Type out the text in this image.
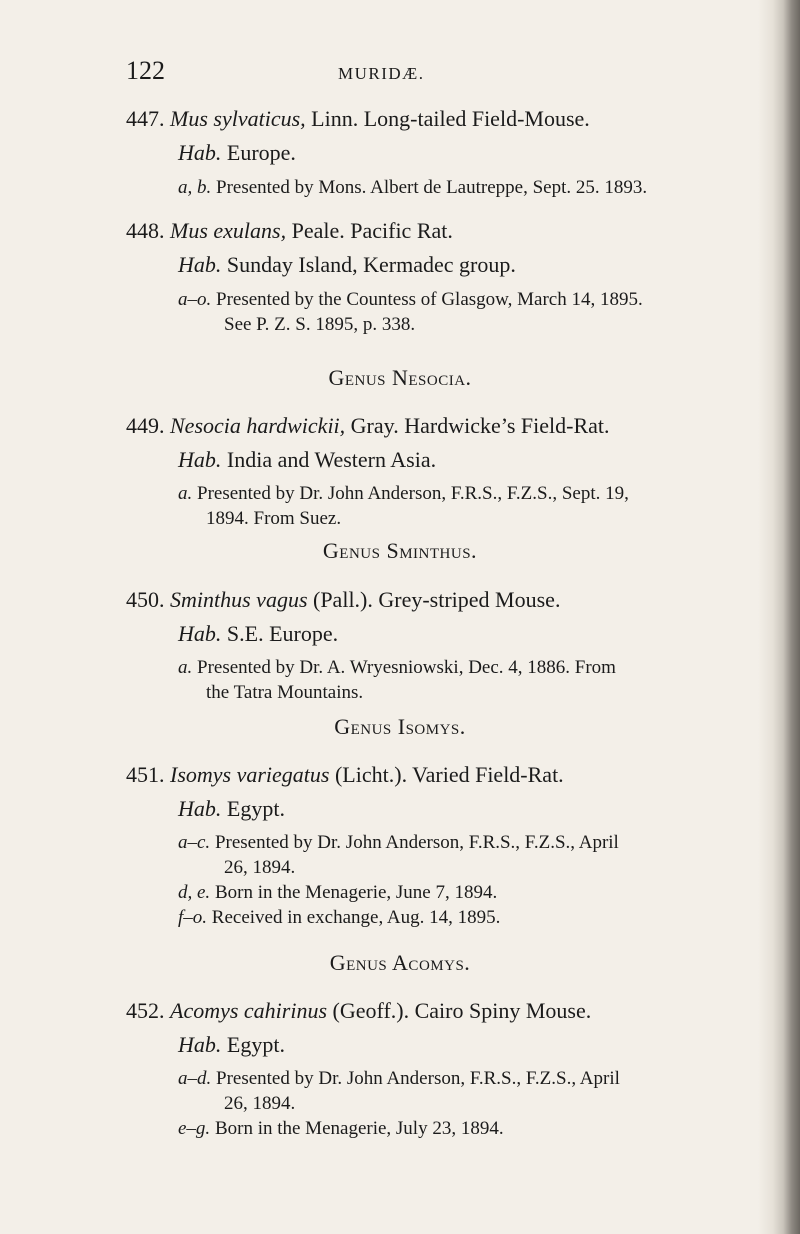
122	MURIDÆ.
447. Mus sylvaticus, Linn. Long-tailed Field-Mouse.
Hab. Europe.
a, b. Presented by Mons. Albert de Lautreppe, Sept. 25. 1893.
448. Mus exulans, Peale. Pacific Rat.
Hab. Sunday Island, Kermadec group.
a–o. Presented by the Countess of Glasgow, March 14, 1895.
See P. Z. S. 1895, p. 338.
Genus Nesocia.
449. Nesocia hardwickii, Gray. Hardwicke’s Field-Rat.
Hab. India and Western Asia.
a. Presented by Dr. John Anderson, F.R.S., F.Z.S., Sept. 19,
1894. From Suez.
Genus Sminthus.
450. Sminthus vagus (Pall.). Grey-striped Mouse.
Hab. S.E. Europe.
a. Presented by Dr. A. Wryesniowski, Dec. 4, 1886. From
the Tatra Mountains.
Genus Isomys.
451. Isomys variegatus (Licht.). Varied Field-Rat.
Hab. Egypt.
a–c. Presented by Dr. John Anderson, F.R.S., F.Z.S., April
26, 1894.
d, e. Born in the Menagerie, June 7, 1894.
f–o. Received in exchange, Aug. 14, 1895.
Genus Acomys.
452. Acomys cahirinus (Geoff.). Cairo Spiny Mouse.
Hab. Egypt.
a–d. Presented by Dr. John Anderson, F.R.S., F.Z.S., April
26, 1894.
e–g. Born in the Menagerie, July 23, 1894.
